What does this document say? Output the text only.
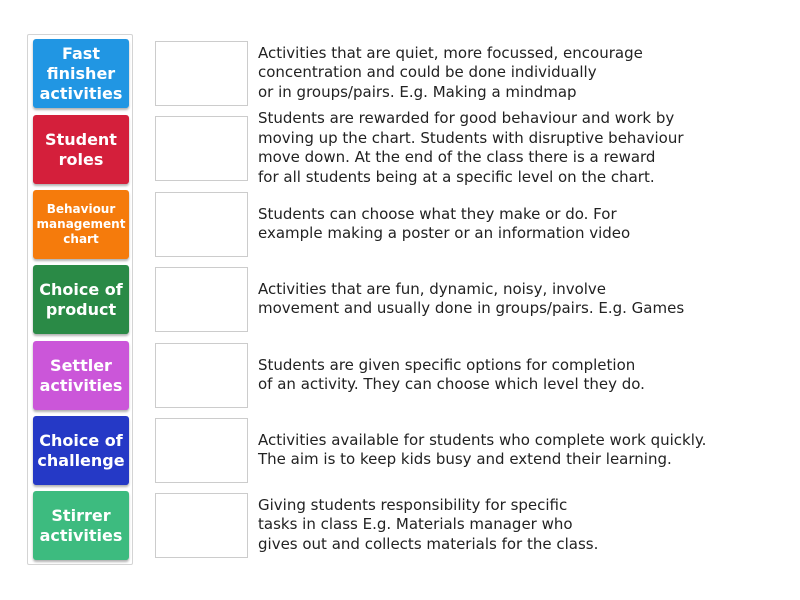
Fast finisher activities
Student roles
Behaviour management chart
Choice of product
Settler activities
Choice of challenge
Stirrer activities
Activities that are quiet, more focussed, encourage
concentration and could be done individually
or in groups/pairs. E.g. Making a mindmap
Students are rewarded for good behaviour and work by
moving up the chart. Students with disruptive behaviour
move down. At the end of the class there is a reward
for all students being at a specific level on the chart.
Students can choose what they make or do. For
example making a poster or an information video
Activities that are fun, dynamic, noisy, involve
movement and usually done in groups/pairs. E.g. Games
Students are given specific options for completion
of an activity. They can choose which level they do.
Activities available for students who complete work quickly.
The aim is to keep kids busy and extend their learning.
Giving students responsibility for specific
tasks in class E.g. Materials manager who
gives out and collects materials for the class.
